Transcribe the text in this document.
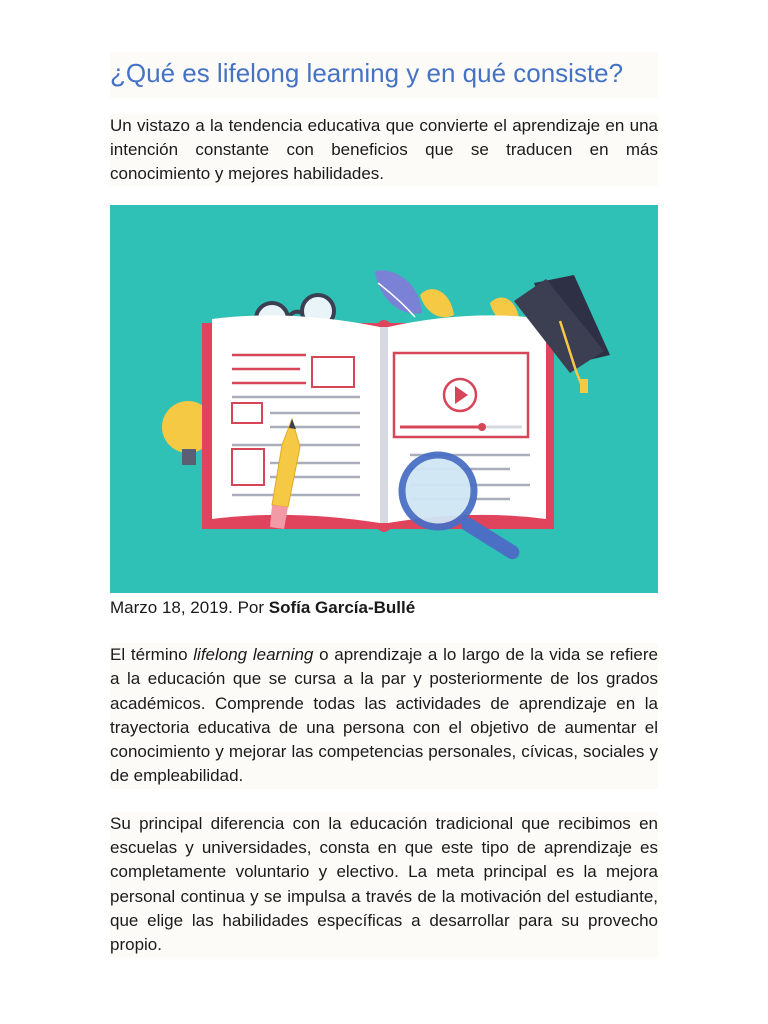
¿Qué es lifelong learning y en qué consiste?

Un vistazo a la tendencia educativa que convierte el aprendizaje en una intención constante con beneficios que se traducen en más conocimiento y mejores habilidades.

Marzo 18, 2019. Por Sofía García-Bullé

El término lifelong learning o aprendizaje a lo largo de la vida se refiere a la educación que se cursa a la par y posteriormente de los grados académicos. Comprende todas las actividades de aprendizaje en la trayectoria educativa de una persona con el objetivo de aumentar el conocimiento y mejorar las competencias personales, cívicas, sociales y de empleabilidad.

Su principal diferencia con la educación tradicional que recibimos en escuelas y universidades, consta en que este tipo de aprendizaje es completamente voluntario y electivo. La meta principal es la mejora personal continua y se impulsa a través de la motivación del estudiante, que elige las habilidades específicas a desarrollar para su provecho propio.
